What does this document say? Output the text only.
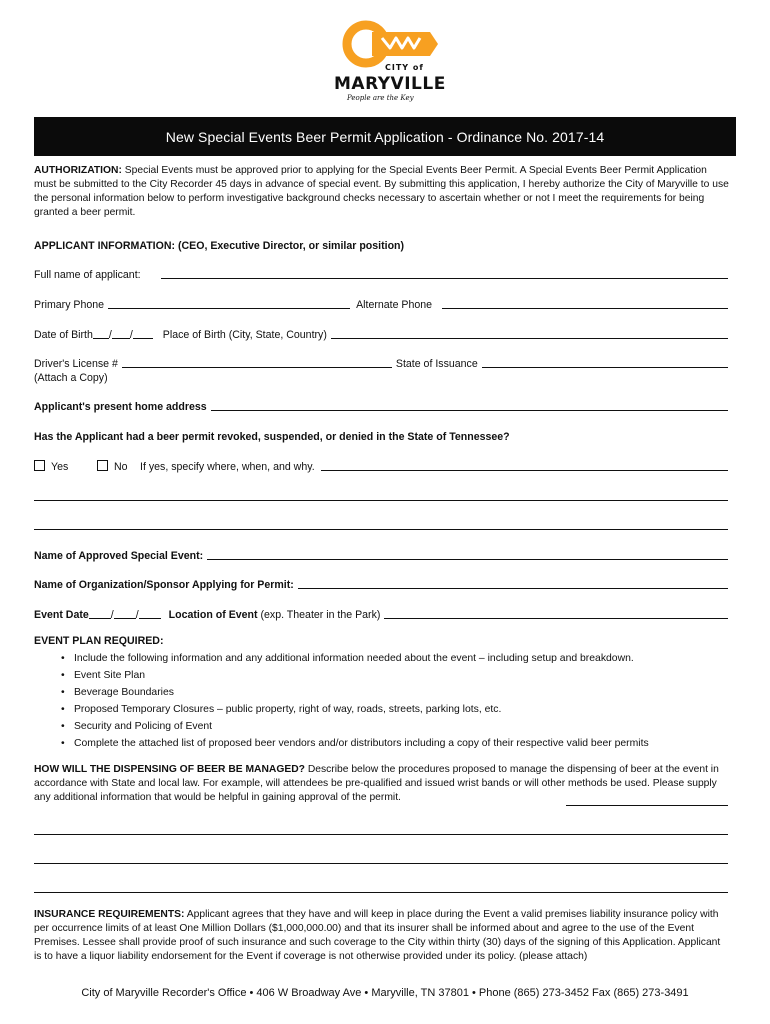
CITY of
MARYVILLE
People are the Key
New Special Events Beer Permit Application - Ordinance No. 2017-14
AUTHORIZATION: Special Events must be approved prior to applying for the Special Events Beer Permit. A Special Events Beer Permit Application must be submitted to the City Recorder 45 days in advance of special event. By submitting this application, I hereby authorize the City of Maryville to use the personal information below to perform investigative background checks necessary to ascertain whether or not I meet the requirements for being granted a beer permit.
APPLICANT INFORMATION: (CEO, Executive Director, or similar position)
Full name of applicant:
Primary Phone	Alternate Phone
Date of Birth / /	Place of Birth (City, State, Country)
Driver's License #	State of Issuance
(Attach a Copy)
Applicant's present home address
Has the Applicant had a beer permit revoked, suspended, or denied in the State of Tennessee?
Yes	No	If yes, specify where, when, and why.
Name of Approved Special Event:
Name of Organization/Sponsor Applying for Permit:
Event Date / /	Location of Event (exp. Theater in the Park)
EVENT PLAN REQUIRED:
• Include the following information and any additional information needed about the event – including setup and breakdown.
• Event Site Plan
• Beverage Boundaries
• Proposed Temporary Closures – public property, right of way, roads, streets, parking lots, etc.
• Security and Policing of Event
• Complete the attached list of proposed beer vendors and/or distributors including a copy of their respective valid beer permits
HOW WILL THE DISPENSING OF BEER BE MANAGED? Describe below the procedures proposed to manage the dispensing of beer at the event in accordance with State and local law. For example, will attendees be pre-qualified and issued wrist bands or will other methods be used. Please supply any additional information that would be helpful in gaining approval of the permit.
INSURANCE REQUIREMENTS: Applicant agrees that they have and will keep in place during the Event a valid premises liability insurance policy with per occurrence limits of at least One Million Dollars ($1,000,000.00) and that its insurer shall be informed about and agree to the use of the Event Premises. Lessee shall provide proof of such insurance and such coverage to the City within thirty (30) days of the signing of this Application. Applicant is to have a liquor liability endorsement for the Event if coverage is not otherwise provided under its policy. (please attach)
City of Maryville Recorder's Office • 406 W Broadway Ave • Maryville, TN 37801 • Phone (865) 273-3452 Fax (865) 273-3491
